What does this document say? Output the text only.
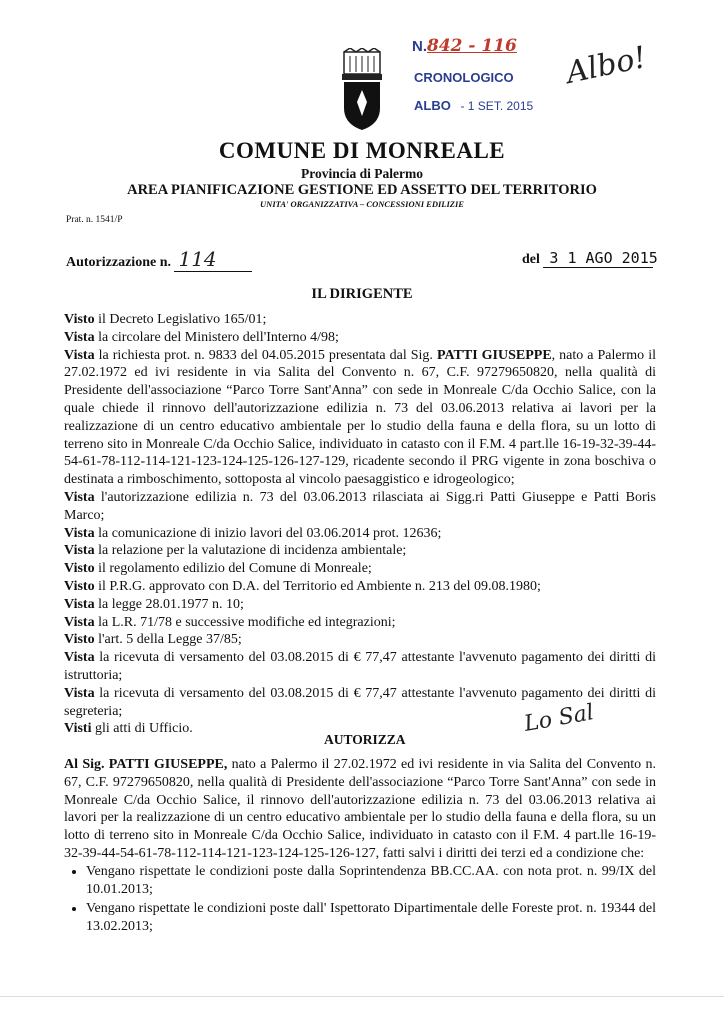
N.842 - 116
CRONOLOGICO
ALBO - 1 SET. 2015
Albo!
COMUNE DI MONREALE
Provincia di Palermo
AREA PIANIFICAZIONE GESTIONE ED ASSETTO DEL TERRITORIO
UNITA' ORGANIZZATIVA – CONCESSIONI EDILIZIE
Prat. n. 1541/P
Autorizzazione n. 114	del 3 1 AGO 2015
IL DIRIGENTE

Visto il Decreto Legislativo 165/01;

Vista la circolare del Ministero dell'Interno 4/98;

Vista la richiesta prot. n. 9833 del 04.05.2015 presentata dal Sig. PATTI GIUSEPPE, nato a Palermo il 27.02.1972 ed ivi residente in via Salita del Convento n. 67, C.F. 97279650820, nella qualità di Presidente dell'associazione “Parco Torre Sant'Anna” con sede in Monreale C/da Occhio Salice, con la quale chiede il rinnovo dell'autorizzazione edilizia n. 73 del 03.06.2013 relativa ai lavori per la realizzazione di un centro educativo ambientale per lo studio della fauna e della flora, su un lotto di terreno sito in Monreale C/da Occhio Salice, individuato in catasto con il F.M. 4 part.lle 16-19-32-39-44-54-61-78-112-114-121-123-124-125-126-127-129, ricadente secondo il PRG vigente in zona boschiva o destinata a rimboschimento, sottoposta al vincolo paesaggistico e idrogeologico;

Vista l'autorizzazione edilizia n. 73 del 03.06.2013 rilasciata ai Sigg.ri Patti Giuseppe e Patti Boris Marco;

Vista la comunicazione di inizio lavori del 03.06.2014 prot. 12636;

Vista la relazione per la valutazione di incidenza ambientale;

Visto il regolamento edilizio del Comune di Monreale;

Visto il P.R.G. approvato con D.A. del Territorio ed Ambiente n. 213 del 09.08.1980;

Vista la legge 28.01.1977 n. 10;

Vista la L.R. 71/78 e successive modifiche ed integrazioni;

Visto l'art. 5 della Legge 37/85;

Vista la ricevuta di versamento del 03.08.2015 di € 77,47 attestante l'avvenuto pagamento dei diritti di istruttoria;

Vista la ricevuta di versamento del 03.08.2015 di € 77,47 attestante l'avvenuto pagamento dei diritti di segreteria;

Visti gli atti di Ufficio.

AUTORIZZA
Lo Sal

Al Sig. PATTI GIUSEPPE, nato a Palermo il 27.02.1972 ed ivi residente in via Salita del Convento n. 67, C.F. 97279650820, nella qualità di Presidente dell'associazione “Parco Torre Sant'Anna” con sede in Monreale C/da Occhio Salice, il rinnovo dell'autorizzazione edilizia n. 73 del 03.06.2013 relativa ai lavori per la realizzazione di un centro educativo ambientale per lo studio della fauna e della flora, su un lotto di terreno sito in Monreale C/da Occhio Salice, individuato in catasto con il F.M. 4 part.lle 16-19-32-39-44-54-61-78-112-114-121-123-124-125-126-127, fatti salvi i diritti dei terzi ed a condizione che:

• Vengano rispettate le condizioni poste dalla Soprintendenza BB.CC.AA. con nota prot. n. 99/IX del 10.01.2013;
• Vengano rispettate le condizioni poste dall' Ispettorato Dipartimentale delle Foreste prot. n. 19344 del 13.02.2013;
